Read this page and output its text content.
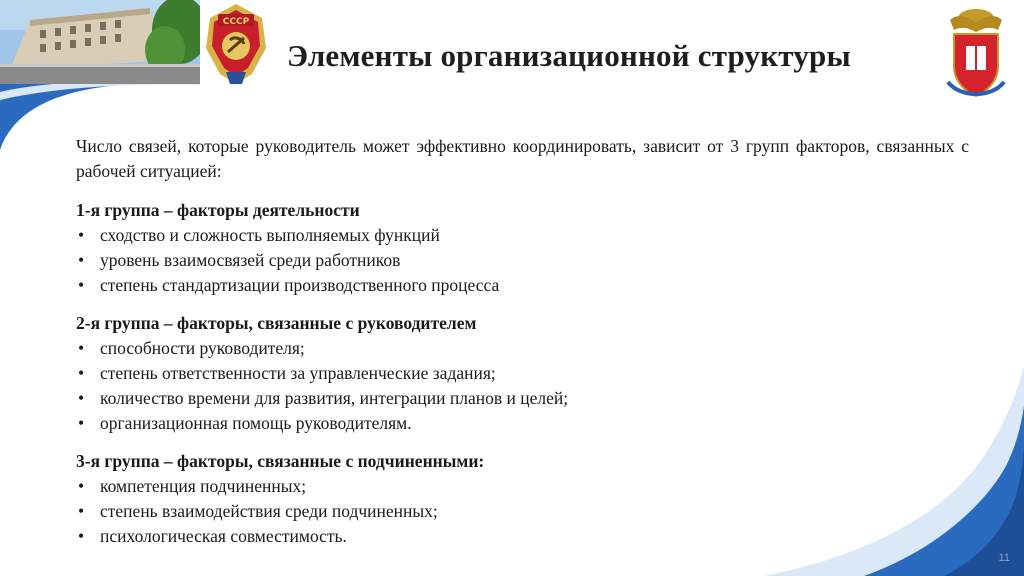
СССР
Элементы организационной структуры

Число связей, которые руководитель может эффективно координировать, зависит от 3 групп факторов, связанных с рабочей ситуацией:

1-я группа – факторы деятельности

• сходство и сложность выполняемых функций
• уровень взаимосвязей среди работников
• степень стандартизации производственного процесса

2-я группа – факторы, связанные с руководителем

• способности руководителя;
• степень ответственности за управленческие задания;
• количество времени для развития, интеграции планов и целей;
• организационная помощь руководителям.

3-я группа – факторы, связанные с подчиненными:

• компетенция подчиненных;
• степень взаимодействия среди подчиненных;
• психологическая совместимость.
11
